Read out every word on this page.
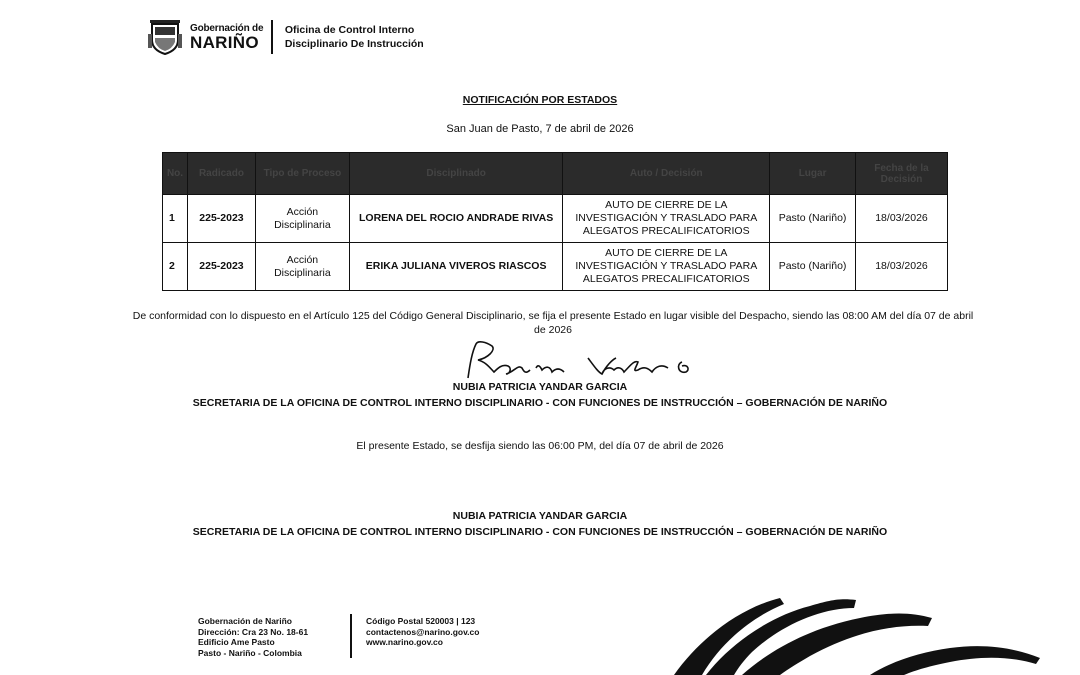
Gobernación de
NARIÑO
Oficina de Control Interno
Disciplinario De Instrucción
NOTIFICACIÓN POR ESTADOS
San Juan de Pasto, 7 de abril de 2026
No.	Radicado	Tipo de Proceso	Disciplinado	Auto / Decisión	Lugar	Fecha de la Decisión
1	225-2023	Acción Disciplinaria	LORENA DEL ROCIO ANDRADE RIVAS	AUTO DE CIERRE DE LA INVESTIGACIÓN Y TRASLADO PARA ALEGATOS PRECALIFICATORIOS	Pasto (Nariño)	18/03/2026
2	225-2023	Acción Disciplinaria	ERIKA JULIANA VIVEROS RIASCOS	AUTO DE CIERRE DE LA INVESTIGACIÓN Y TRASLADO PARA ALEGATOS PRECALIFICATORIOS	Pasto (Nariño)	18/03/2026
De conformidad con lo dispuesto en el Artículo 125 del Código General Disciplinario, se fija el presente Estado en lugar visible del Despacho, siendo las 08:00 AM del día 07 de abril de 2026
NUBIA PATRICIA YANDAR GARCIA
SECRETARIA DE LA OFICINA DE CONTROL INTERNO DISCIPLINARIO - CON FUNCIONES DE INSTRUCCIÓN – GOBERNACIÓN DE NARIÑO
El presente Estado, se desfija siendo las 06:00 PM, del día 07 de abril de 2026
NUBIA PATRICIA YANDAR GARCIA
SECRETARIA DE LA OFICINA DE CONTROL INTERNO DISCIPLINARIO - CON FUNCIONES DE INSTRUCCIÓN – GOBERNACIÓN DE NARIÑO
Gobernación de Nariño
Dirección: Cra 23 No. 18-61
Edificio Ame Pasto
Pasto - Nariño - Colombia
Código Postal 520003 | 123
contactenos@narino.gov.co
www.narino.gov.co
